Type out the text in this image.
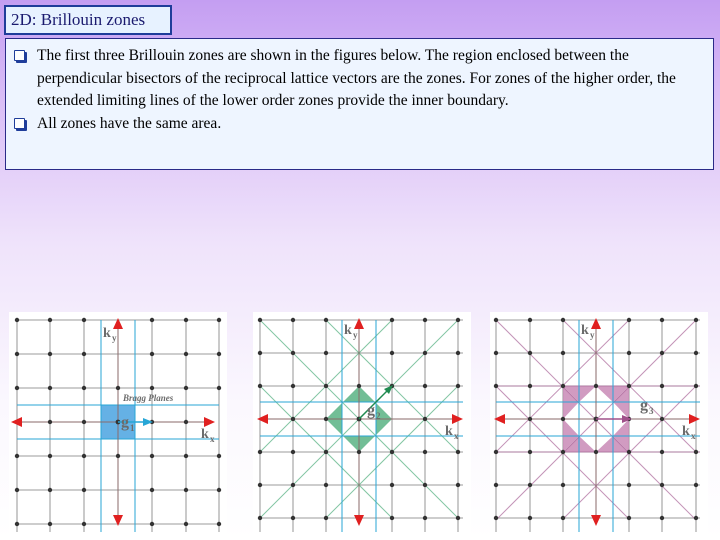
2D: Brillouin zones
The first three Brillouin zones are shown in the figures below. The region enclosed between the perpendicular bisectors of the reciprocal lattice vectors are the zones. For zones of the higher order, the extended limiting lines of the lower order zones provide the inner boundary.
All zones have the same area.
k y
k x
g 1
Bragg Planes
k y
k x
g 2
k y
k x
g 3
